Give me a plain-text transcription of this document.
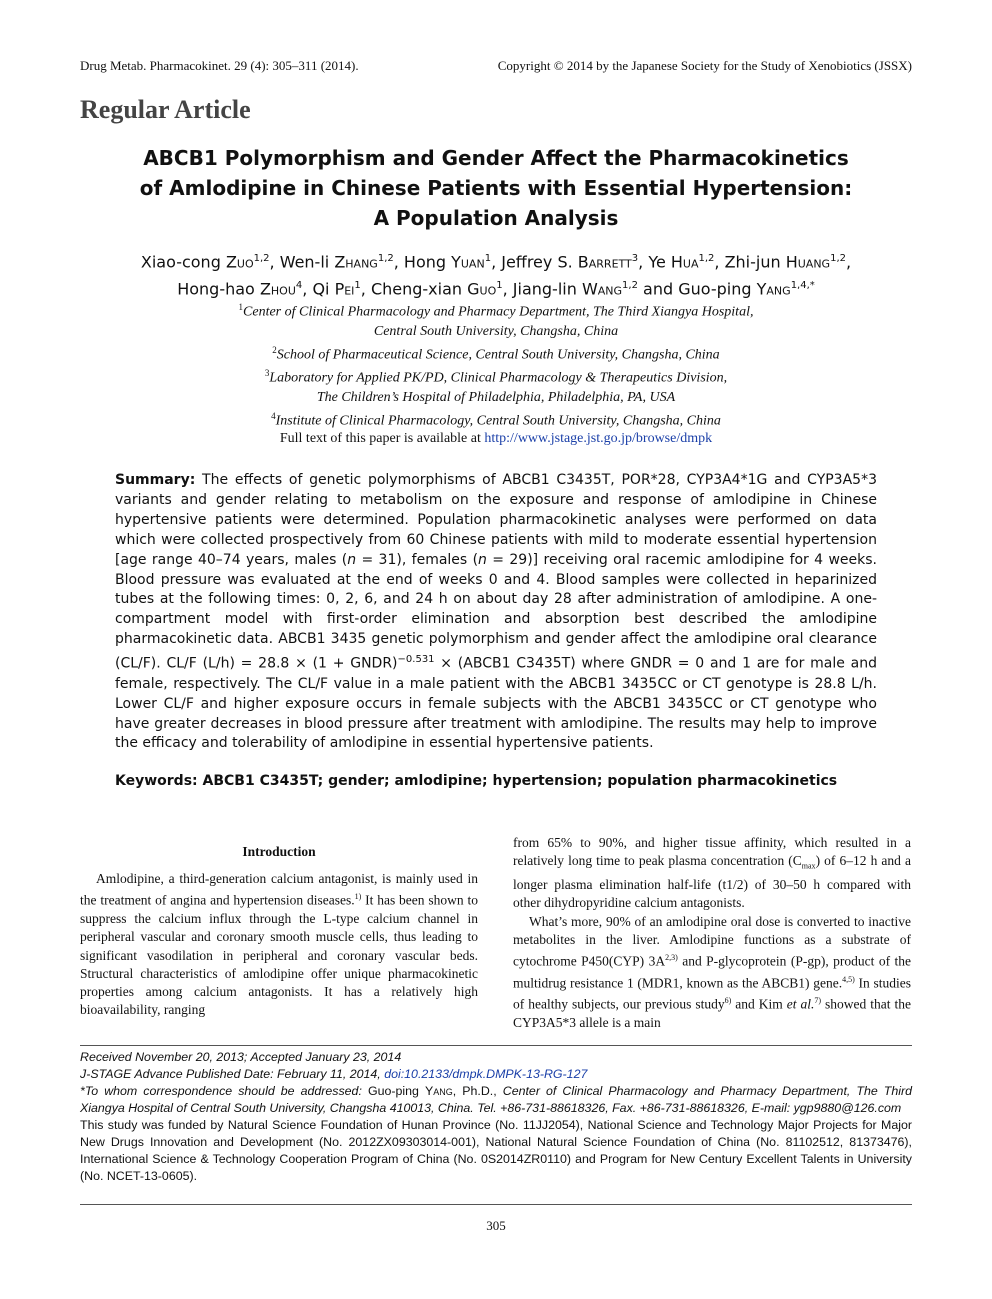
Drug Metab. Pharmacokinet. 29 (4): 305–311 (2014).	Copyright © 2014 by the Japanese Society for the Study of Xenobiotics (JSSX)
Regular Article
ABCB1 Polymorphism and Gender Affect the Pharmacokinetics
of Amlodipine in Chinese Patients with Essential Hypertension:
A Population Analysis
Xiao-cong Zuo$^{1,2}$, Wen-li Zhang$^{1,2}$, Hong Yuan$^1$, Jeffrey S. Barrett$^3$, Ye Hua$^{1,2}$, Zhi-jun Huang$^{1,2}$,
Hong-hao Zhou$^4$, Qi Pei$^1$, Cheng-xian Guo$^1$, Jiang-lin Wang$^{1,2}$ and Guo-ping Yang$^{1,4,*}$
$^1$Center of Clinical Pharmacology and Pharmacy Department, The Third Xiangya Hospital,
Central South University, Changsha, China
$^2$School of Pharmaceutical Science, Central South University, Changsha, China
$^3$Laboratory for Applied PK/PD, Clinical Pharmacology & Therapeutics Division,
The Children’s Hospital of Philadelphia, Philadelphia, PA, USA
$^4$Institute of Clinical Pharmacology, Central South University, Changsha, China
Full text of this paper is available at http://www.jstage.jst.go.jp/browse/dmpk
Summary: The effects of genetic polymorphisms of ABCB1 C3435T, POR*28, CYP3A4*1G and CYP3A5*3 variants and gender relating to metabolism on the exposure and response of amlodipine in Chinese hypertensive patients were determined. Population pharmacokinetic analyses were performed on data which were collected prospectively from 60 Chinese patients with mild to moderate essential hypertension [age range 40–74 years, males (n = 31), females (n = 29)] receiving oral racemic amlodipine for 4 weeks. Blood pressure was evaluated at the end of weeks 0 and 4. Blood samples were collected in heparinized tubes at the following times: 0, 2, 6, and 24 h on about day 28 after administration of amlodipine. A one-compartment model with first-order elimination and absorption best described the amlodipine pharmacokinetic data. ABCB1 3435 genetic polymorphism and gender affect the amlodipine oral clearance (CL/F). CL/F (L/h) = 28.8 × (1 + GNDR)$^{-0.531}$ × (ABCB1 C3435T) where GNDR = 0 and 1 are for male and female, respectively. The CL/F value in a male patient with the ABCB1 3435CC or CT genotype is 28.8 L/h. Lower CL/F and higher exposure occurs in female subjects with the ABCB1 3435CC or CT genotype who have greater decreases in blood pressure after treatment with amlodipine. The results may help to improve the efficacy and tolerability of amlodipine in essential hypertensive patients.
Keywords: ABCB1 C3435T; gender; amlodipine; hypertension; population pharmacokinetics
Introduction

Amlodipine, a third-generation calcium antagonist, is mainly used in the treatment of angina and hypertension diseases.$^{1)}$ It has been shown to suppress the calcium influx through the L-type calcium channel in peripheral vascular and coronary smooth muscle cells, thus leading to significant vasodilation in peripheral and coronary vascular beds. Structural characteristics of amlodipine offer unique pharmacokinetic properties among calcium antagonists. It has a relatively high bioavailability, ranging

from 65% to 90%, and higher tissue affinity, which resulted in a relatively long time to peak plasma concentration $(C_{max})$ of 6–12 h and a longer plasma elimination half-life (t1/2) of 30–50 h compared with other dihydropyridine calcium antagonists.

What’s more, 90% of an amlodipine oral dose is converted to inactive metabolites in the liver. Amlodipine functions as a substrate of cytochrome P450(CYP) $3A^{2,3)}$ and P-glycoprotein (P-gp), product of the multidrug resistance 1 (MDR1, known as the ABCB1) gene.$^{4,5)}$ In studies of healthy subjects, our previous study$^{6)}$ and Kim et al.$^{7)}$ showed that the CYP3A5*3 allele is a main

Received November 20, 2013; Accepted January 23, 2014
J-STAGE Advance Published Date: February 11, 2014, doi:10.2133/dmpk.DMPK-13-RG-127
*To whom correspondence should be addressed: Guo-ping Yang, Ph.D., Center of Clinical Pharmacology and Pharmacy Department, The Third Xiangya Hospital of Central South University, Changsha 410013, China. Tel. +86-731-88618326, Fax. +86-731-88618326, E-mail: ygp9880@126.com
This study was funded by Natural Science Foundation of Hunan Province (No. 11JJ2054), National Science and Technology Major Projects for Major New Drugs Innovation and Development (No. 2012ZX09303014-001), National Natural Science Foundation of China (No. 81102512, 81373476), International Science & Technology Cooperation Program of China (No. 0S2014ZR0110) and Program for New Century Excellent Talents in University (No. NCET-13-0605).
305
